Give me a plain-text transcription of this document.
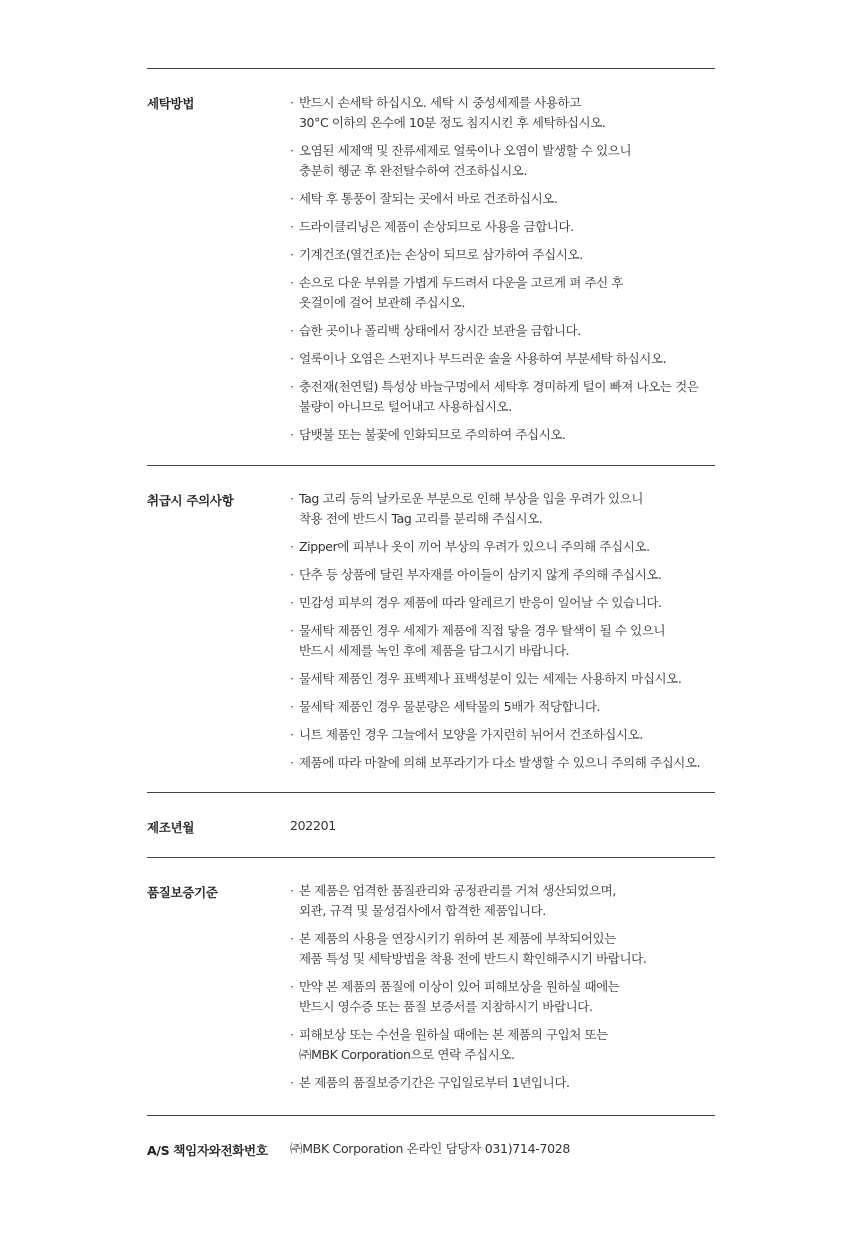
세탁방법	· 반드시 손세탁 하십시오. 세탁 시 중성세제를 사용하고
30°C 이하의 온수에 10분 정도 침지시킨 후 세탁하십시오.
· 오염된 세제액 및 잔류세제로 얼룩이나 오염이 발생할 수 있으니
충분히 헹군 후 완전탈수하여 건조하십시오.
· 세탁 후 통풍이 잘되는 곳에서 바로 건조하십시오.
· 드라이클리닝은 제품이 손상되므로 사용을 금합니다.
· 기계건조(열건조)는 손상이 되므로 삼가하여 주십시오.
· 손으로 다운 부위를 가볍게 두드려서 다운을 고르게 펴 주신 후
옷걸이에 걸어 보관해 주십시오.
· 습한 곳이나 폴리백 상태에서 장시간 보관을 금합니다.
· 얼룩이나 오염은 스펀지나 부드러운 솔을 사용하여 부분세탁 하십시오.
· 충전재(천연털) 특성상 바늘구멍에서 세탁후 경미하게 털이 빠져 나오는 것은
불량이 아니므로 털어내고 사용하십시오.
· 담뱃불 또는 불꽃에 인화되므로 주의하여 주십시오.
취급시 주의사항	· Tag 고리 등의 날카로운 부분으로 인해 부상을 입을 우려가 있으니
착용 전에 반드시 Tag 고리를 분리해 주십시오.
· Zipper에 피부나 옷이 끼어 부상의 우려가 있으니 주의해 주십시오.
· 단추 등 상품에 달린 부자재를 아이들이 삼키지 않게 주의해 주십시오.
· 민감성 피부의 경우 제품에 따라 알레르기 반응이 일어날 수 있습니다.
· 물세탁 제품인 경우 세제가 제품에 직접 닿을 경우 탈색이 될 수 있으니
반드시 세제를 녹인 후에 제품을 담그시기 바랍니다.
· 물세탁 제품인 경우 표백제나 표백성분이 있는 세제는 사용하지 마십시오.
· 물세탁 제품인 경우 물분량은 세탁물의 5배가 적당합니다.
· 니트 제품인 경우 그늘에서 모양을 가지런히 뉘어서 건조하십시오.
· 제품에 따라 마찰에 의해 보푸라기가 다소 발생할 수 있으니 주의해 주십시오.
제조년월	202201
품질보증기준	· 본 제품은 엄격한 품질관리와 공정관리를 거쳐 생산되었으며,
외관, 규격 및 물성검사에서 합격한 제품입니다.
· 본 제품의 사용을 연장시키기 위하여 본 제품에 부착되어있는
제품 특성 및 세탁방법을 착용 전에 반드시 확인해주시기 바랍니다.
· 만약 본 제품의 품질에 이상이 있어 피해보상을 원하실 때에는
반드시 영수증 또는 품질 보증서를 지참하시기 바랍니다.
· 피해보상 또는 수선을 원하실 때에는 본 제품의 구입처 또는
㈜MBK Corporation으로 연락 주십시오.
· 본 제품의 품질보증기간은 구입일로부터 1년입니다.
A/S 책임자와전화번호 ㈜MBK Corporation 온라인 담당자 031)714-7028
